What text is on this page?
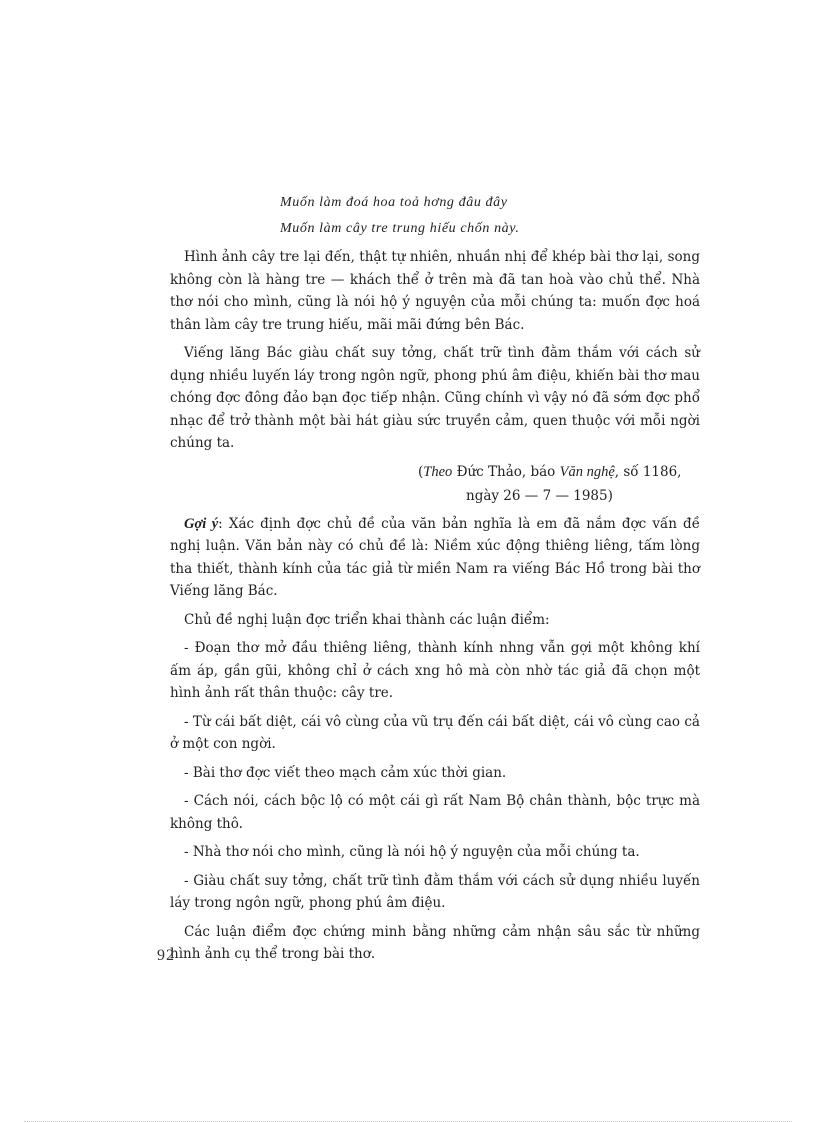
Muốn làm đoá hoa toả hơng đâu đây
Muốn làm cây tre trung hiếu chốn này.

Hình ảnh cây tre lại đến, thật tự nhiên, nhuần nhị để khép bài thơ lại, song không còn là hàng tre — khách thể ở trên mà đã tan hoà vào chủ thể. Nhà thơ nói cho mình, cũng là nói hộ ý nguyện của mỗi chúng ta: muốn đợc hoá thân làm cây tre trung hiếu, mãi mãi đứng bên Bác.

Viếng lăng Bác giàu chất suy tởng, chất trữ tình đằm thắm với cách sử dụng nhiều luyến láy trong ngôn ngữ, phong phú âm điệu, khiến bài thơ mau chóng đợc đông đảo bạn đọc tiếp nhận. Cũng chính vì vậy nó đã sớm đợc phổ nhạc để trở thành một bài hát giàu sức truyền cảm, quen thuộc với mỗi ngời chúng ta.

(Theo Đức Thảo, báo Văn nghệ, số 1186,

ngày 26 — 7 — 1985)

Gợi ý: Xác định đợc chủ đề của văn bản nghĩa là em đã nắm đợc vấn đề nghị luận. Văn bản này có chủ đề là: Niềm xúc động thiêng liêng, tấm lòng tha thiết, thành kính của tác giả từ miền Nam ra viếng Bác Hồ trong bài thơ Viếng lăng Bác.

Chủ đề nghị luận đợc triển khai thành các luận điểm:

- Đoạn thơ mở đầu thiêng liêng, thành kính nhng vẫn gợi một không khí ấm áp, gần gũi, không chỉ ở cách xng hô mà còn nhờ tác giả đã chọn một hình ảnh rất thân thuộc: cây tre.

- Từ cái bất diệt, cái vô cùng của vũ trụ đến cái bất diệt, cái vô cùng cao cả ở một con ngời.

- Bài thơ đợc viết theo mạch cảm xúc thời gian.

- Cách nói, cách bộc lộ có một cái gì rất Nam Bộ chân thành, bộc trực mà không thô.

- Nhà thơ nói cho mình, cũng là nói hộ ý nguyện của mỗi chúng ta.

- Giàu chất suy tởng, chất trữ tình đằm thắm với cách sử dụng nhiều luyến láy trong ngôn ngữ, phong phú âm điệu.

Các luận điểm đợc chứng minh bằng những cảm nhận sâu sắc từ những hình ảnh cụ thể trong bài thơ.

92
